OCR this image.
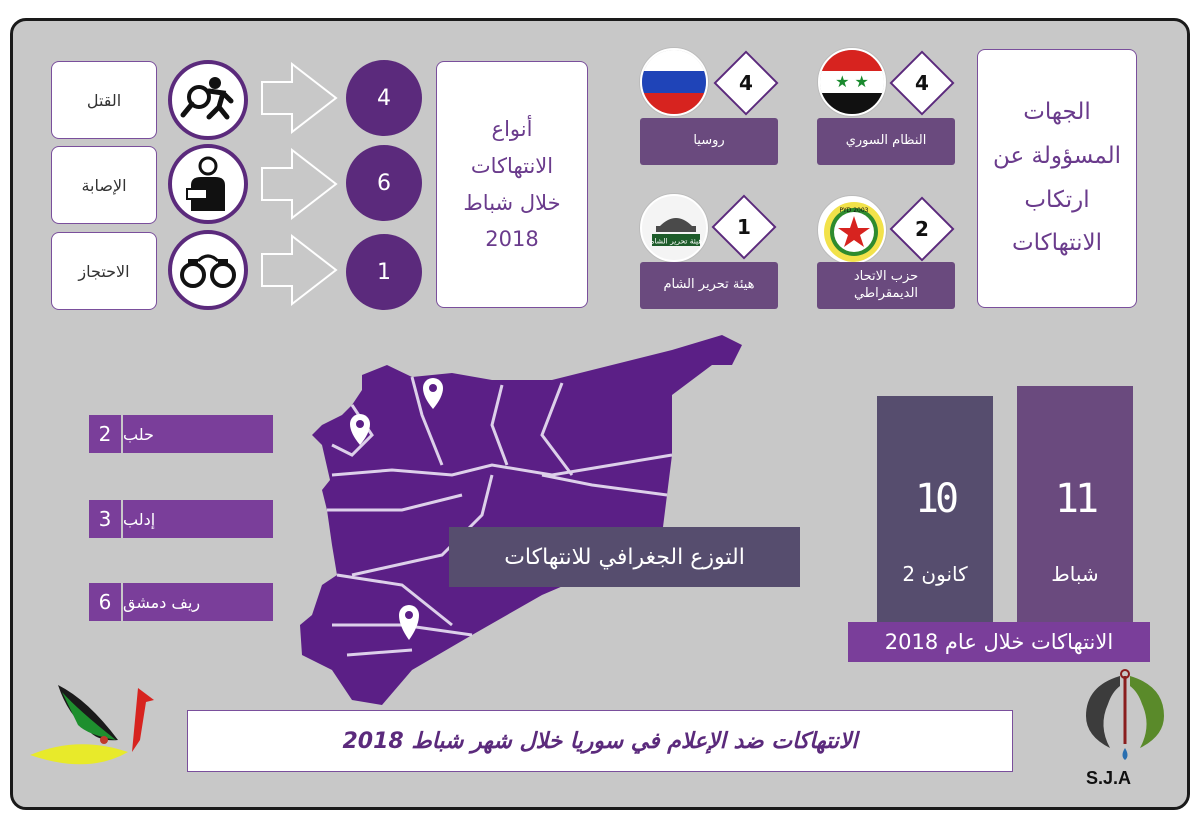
القتل
الإصابة
الاحتجاز
4
6
1
أنواع الانتهاكات خلال شباط 2018
4
روسيا
★ ★	4
النظام السوري
هيئة تحرير الشام
1
هيئة تحرير الشام
PYD 2003
2
حزب الاتحاد الديمقراطي
الجهات المسؤولة عن ارتكاب الانتهاكات
2 حلب
3 إدلب
6 ريف دمشق
التوزع الجغرافي للانتهاكات
10
كانون 2
11
شباط
الانتهاكات خلال عام 2018
الانتهاكات ضد الإعلام في سوريا خلال شهر شباط 2018
S.J.A
